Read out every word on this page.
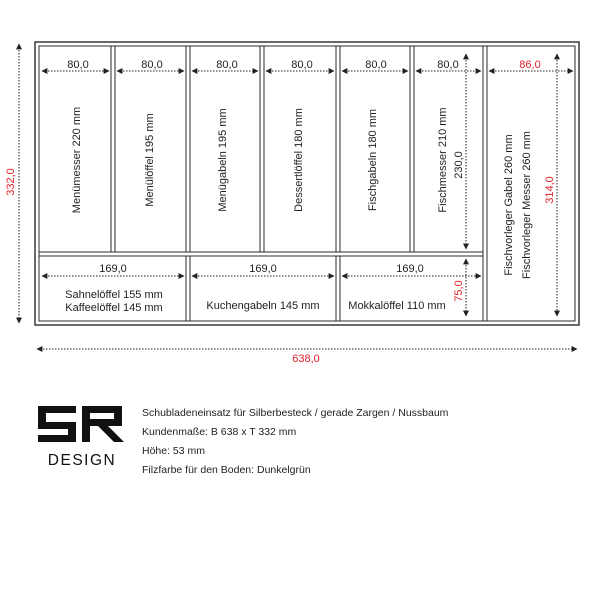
80,0	80,0	80,0	80,0	80,0	80,0	86,0
Menümesser 220 mm	Menülöffel 195 mm	Menügabeln 195 mm	Dessertlöffel 180 mm	Fischgabeln 180 mm	Fischmesser 210 mm	Fischvorleger Gabel 260 mm Fischvorleger Messer 260 mm
230,0
314,0
169,0	169,0	169,0
Sahnelöffel 155 mm
Kaffeelöffel 145 mm	Kuchengabeln 145 mm	Mokkalöffel 110 mm
75,0
332,0
638,0
DESIGN
Schubladeneinsatz für Silberbesteck / gerade Zargen / Nussbaum
Kundenmaße: B 638 x T 332 mm
Höhe: 53 mm
Filzfarbe für den Boden: Dunkelgrün
